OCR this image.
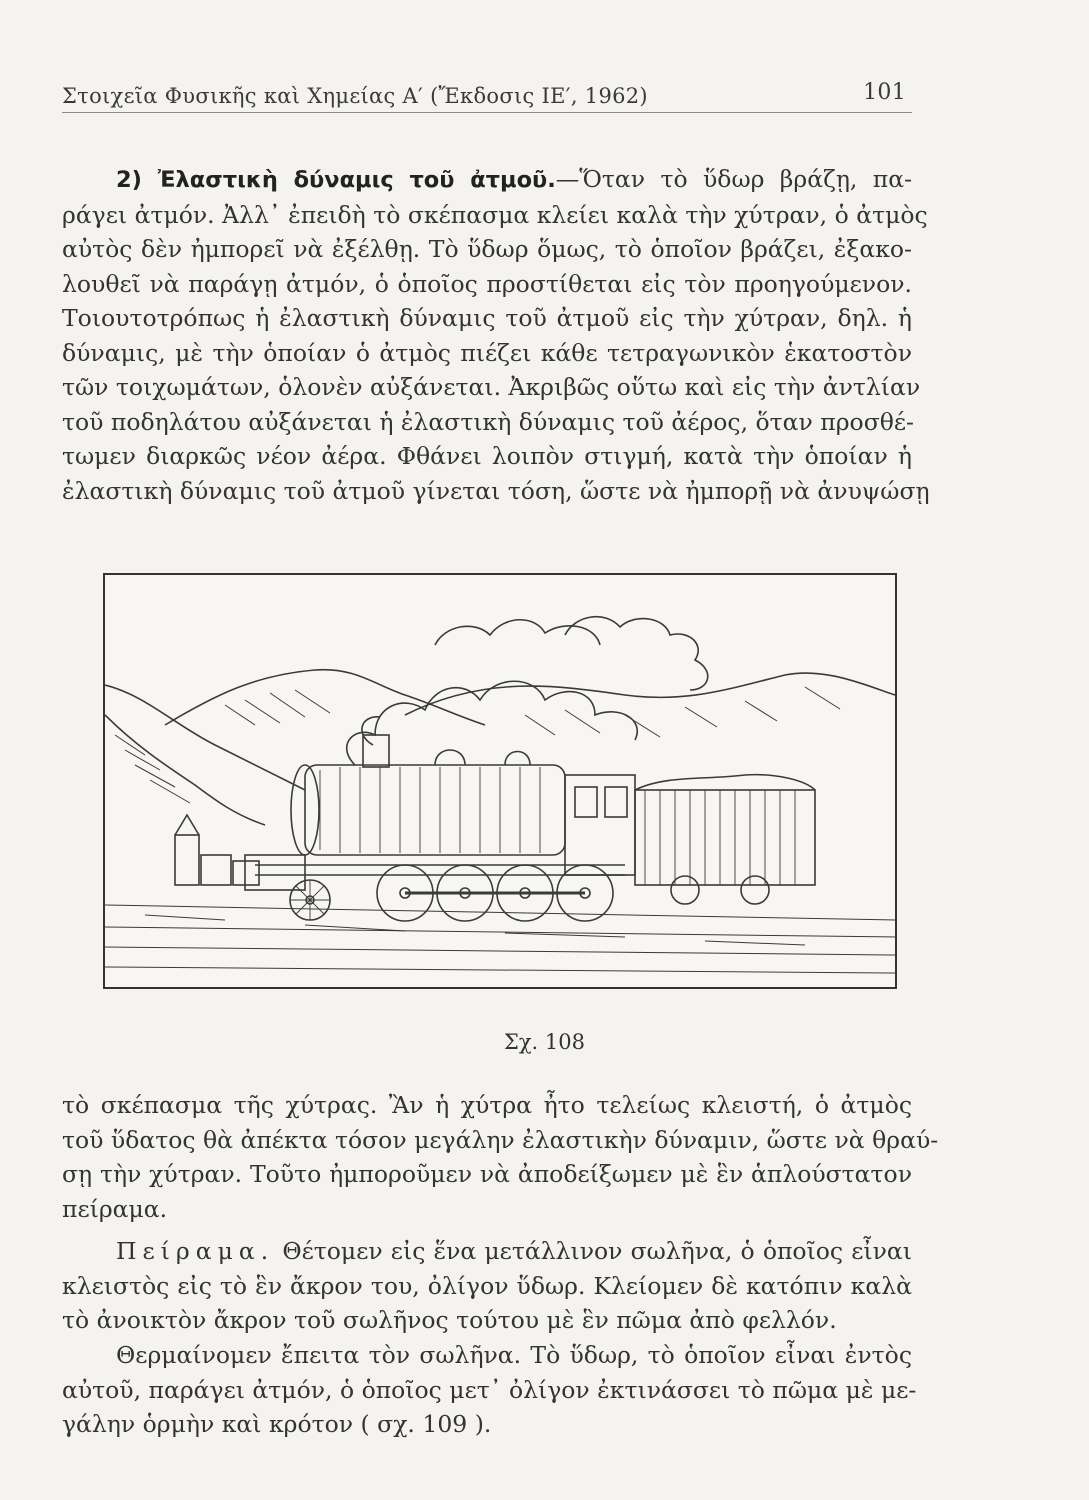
Στοιχεῖα Φυσικῆς καὶ Χημείας Α′ (Ἔκδοσις ΙΕ′, 1962)	101
2) Ἐλαστικὴ δύναμις τοῦ ἀτμοῦ.—Ὅταν τὸ ὕδωρ βράζῃ, πα-
ράγει ἀτμόν. Ἀλλ᾽ ἐπειδὴ τὸ σκέπασμα κλείει καλὰ τὴν χύτραν, ὁ ἀτμὸς
αὐτὸς δὲν ἠμπορεῖ νὰ ἐξέλθῃ. Τὸ ὕδωρ ὅμως, τὸ ὁποῖον βράζει, ἐξακο-
λουθεῖ νὰ παράγῃ ἀτμόν, ὁ ὁποῖος προστίθεται εἰς τὸν προηγούμενον.
Τοιουτοτρόπως ἡ ἐλαστικὴ δύναμις τοῦ ἀτμοῦ εἰς τὴν χύτραν, δηλ. ἡ
δύναμις, μὲ τὴν ὁποίαν ὁ ἀτμὸς πιέζει κάθε τετραγωνικὸν ἑκατοστὸν
τῶν τοιχωμάτων, ὁλονὲν αὐξάνεται. Ἀκριβῶς οὕτω καὶ εἰς τὴν ἀντλίαν
τοῦ ποδηλάτου αὐξάνεται ἡ ἐλαστικὴ δύναμις τοῦ ἀέρος, ὅταν προσθέ-
τωμεν διαρκῶς νέον ἀέρα. Φθάνει λοιπὸν στιγμή, κατὰ τὴν ὁποίαν ἡ
ἐλαστικὴ δύναμις τοῦ ἀτμοῦ γίνεται τόση, ὥστε νὰ ἠμπορῇ νὰ ἀνυψώσῃ
Σχ. 108
τὸ σκέπασμα τῆς χύτρας. Ἂν ἡ χύτρα ἦτο τελείως κλειστή, ὁ ἀτμὸς
τοῦ ὕδατος θὰ ἀπέκτα τόσον μεγάλην ἐλαστικὴν δύναμιν, ὥστε νὰ θραύ-
σῃ τὴν χύτραν. Τοῦτο ἠμποροῦμεν νὰ ἀποδείξωμεν μὲ ἓν ἁπλούστατον
πείραμα.
Πείραμα. Θέτομεν εἰς ἕνα μετάλλινον σωλῆνα, ὁ ὁποῖος εἶναι
κλειστὸς εἰς τὸ ἓν ἄκρον του, ὀλίγον ὕδωρ. Κλείομεν δὲ κατόπιν καλὰ
τὸ ἀνοικτὸν ἄκρον τοῦ σωλῆνος τούτου μὲ ἓν πῶμα ἀπὸ φελλόν.
Θερμαίνομεν ἔπειτα τὸν σωλῆνα. Τὸ ὕδωρ, τὸ ὁποῖον εἶναι ἐντὸς
αὐτοῦ, παράγει ἀτμόν, ὁ ὁποῖος μετ᾽ ὀλίγον ἐκτινάσσει τὸ πῶμα μὲ με-
γάλην ὁρμὴν καὶ κρότον ( σχ. 109 ).
